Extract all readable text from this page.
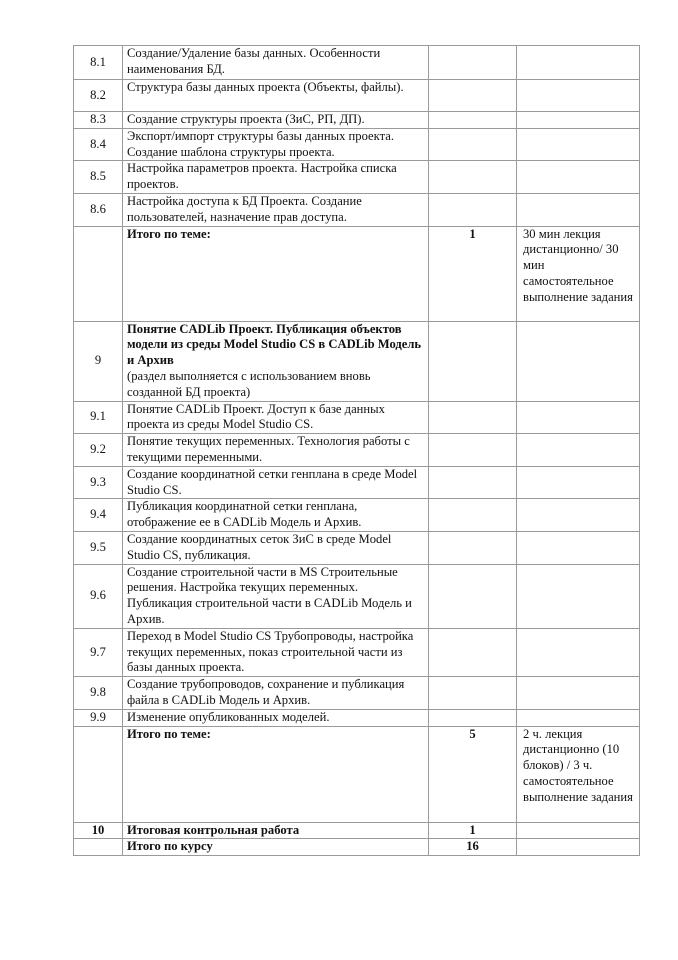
8.1	Создание/Удаление базы данных. Особенности наименования БД.		
8.2	Структура базы данных проекта (Объекты, файлы).		
8.3	Создание структуры проекта (ЗиС, РП, ДП).		
8.4	Экспорт/импорт структуры базы данных проекта. Создание шаблона структуры проекта.		
8.5	Настройка параметров проекта. Настройка списка проектов.		
8.6	Настройка доступа к БД Проекта. Создание пользователей, назначение прав доступа.		
	Итого по теме:	1	30 мин лекция дистанционно/ 30 мин самостоятельное выполнение задания
9	Понятие CADLib Проект. Публикация объектов модели из среды Model Studio CS в CADLib Модель и Архив
(раздел выполняется с использованием вновь созданной БД проекта)		

9.1	Понятие CADLib Проект. Доступ к базе данных проекта из среды Model Studio CS.		
9.2	Понятие текущих переменных. Технология работы с текущими переменными.		
9.3	Создание координатной сетки генплана в среде Model Studio CS.		
9.4	Публикация координатной сетки генплана, отображение ее в CADLib Модель и Архив.		
9.5	Создание координатных сеток ЗиС в среде Model Studio CS, публикация.		
9.6	Создание строительной части в MS Строительные решения. Настройка текущих переменных. Публикация строительной части в CADLib Модель и Архив.		
9.7	Переход в Model Studio CS Трубопроводы, настройка текущих переменных, показ строительной части из базы данных проекта.		
9.8	Создание трубопроводов, сохранение и публикация файла в CADLib Модель и Архив.		
9.9	Изменение опубликованных моделей.		
	Итого по теме:	5	2 ч. лекция дистанционно (10 блоков) / 3 ч. самостоятельное выполнение задания
10	Итоговая контрольная работа	1	
	Итого по курсу	16	
